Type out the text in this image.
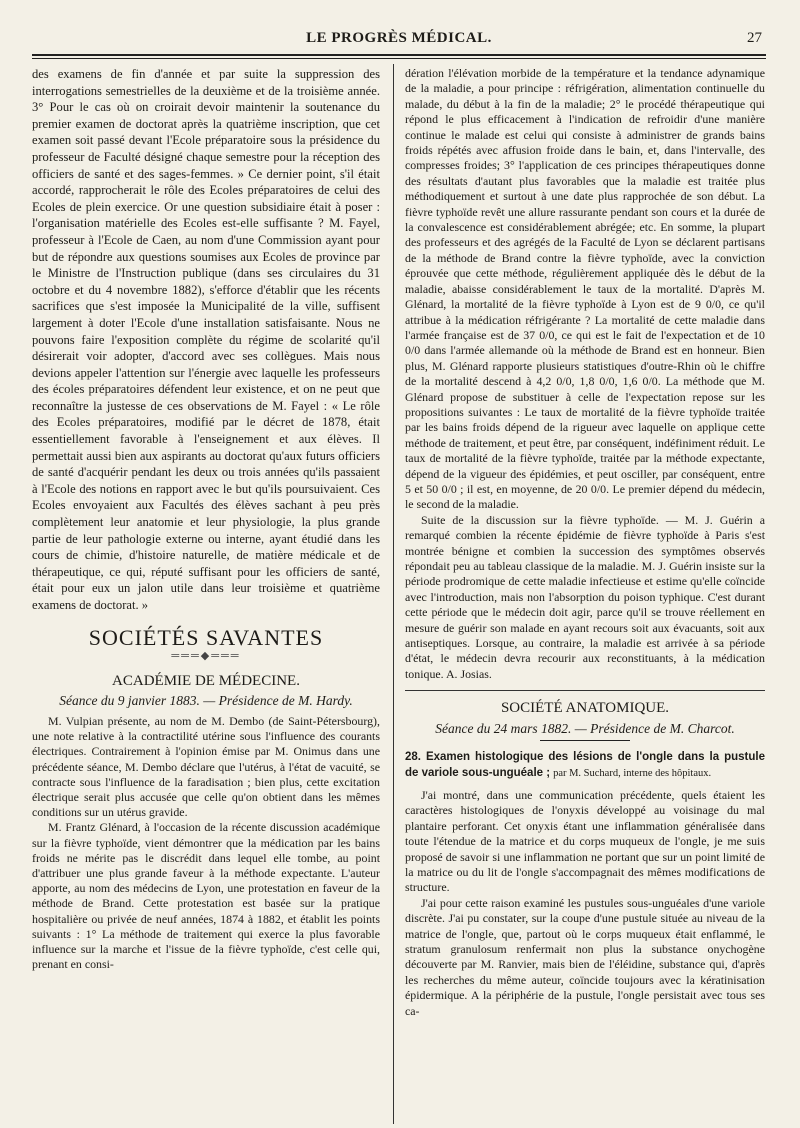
LE PROGRÈS MÉDICAL.	27

des examens de fin d'année et par suite la suppression des interrogations semestrielles de la deuxième et de la troisième année. 3° Pour le cas où on croirait devoir maintenir la soutenance du premier examen de doctorat après la quatrième inscription, que cet examen soit passé devant l'Ecole préparatoire sous la présidence du professeur de Faculté désigné chaque semestre pour la réception des officiers de santé et des sages-femmes. » Ce dernier point, s'il était accordé, rapprocherait le rôle des Ecoles préparatoires de celui des Ecoles de plein exercice. Or une question subsidiaire était à poser : l'organisation matérielle des Ecoles est-elle suffisante ? M. Fayel, professeur à l'Ecole de Caen, au nom d'une Commission ayant pour but de répondre aux questions soumises aux Ecoles de province par le Ministre de l'Instruction publique (dans ses circulaires du 31 octobre et du 4 novembre 1882), s'efforce d'établir que les récents sacrifices que s'est imposée la Municipalité de la ville, suffisent largement à doter l'Ecole d'une installation satisfaisante. Nous ne pouvons faire l'exposition complète du régime de scolarité qu'il désirerait voir adopter, d'accord avec ses collègues. Mais nous devions appeler l'attention sur l'énergie avec laquelle les professeurs des écoles préparatoires défendent leur existence, et on ne peut que reconnaître la justesse de ces observations de M. Fayel : « Le rôle des Ecoles préparatoires, modifié par le décret de 1878, était essentiellement favorable à l'enseignement et aux élèves. Il permettait aussi bien aux aspirants au doctorat qu'aux futurs officiers de santé d'acquérir pendant les deux ou trois années qu'ils passaient à l'Ecole des notions en rapport avec le but qu'ils poursuivaient. Ces Ecoles envoyaient aux Facultés des élèves sachant à peu près complètement leur anatomie et leur physiologie, la plus grande partie de leur pathologie externe ou interne, ayant étudié dans les cours de chimie, d'histoire naturelle, de matière médicale et de thérapeutique, ce qui, réputé suffisant pour les officiers de santé, était pour eux un jalon utile dans leur troisième et quatrième examens de doctorat. »

SOCIÉTÉS SAVANTES
═══◆═══
ACADÉMIE DE MÉDECINE.
Séance du 9 janvier 1883. — Présidence de M. Hardy.

M. Vulpian présente, au nom de M. Dembo (de Saint-Pétersbourg), une note relative à la contractilité utérine sous l'influence des courants électriques. Contrairement à l'opinion émise par M. Onimus dans une précédente séance, M. Dembo déclare que l'utérus, à l'état de vacuité, se contracte sous l'influence de la faradisation ; bien plus, cette excitation électrique serait plus accusée que celle qu'on obtient dans les mêmes conditions sur un utérus gravide.

M. Frantz Glénard, à l'occasion de la récente discussion académique sur la fièvre typhoïde, vient démontrer que la médication par les bains froids ne mérite pas le discrédit dans lequel elle tombe, au point d'attribuer une plus grande faveur à la méthode expectante. L'auteur apporte, au nom des médecins de Lyon, une protestation en faveur de la méthode de Brand. Cette protestation est basée sur la pratique hospitalière ou privée de neuf années, 1874 à 1882, et établit les points suivants : 1° La méthode de traitement qui exerce la plus favorable influence sur la marche et l'issue de la fièvre typhoïde, c'est celle qui, prenant en consi-

dération l'élévation morbide de la température et la tendance adynamique de la maladie, a pour principe : réfrigération, alimentation continuelle du malade, du début à la fin de la maladie; 2° le procédé thérapeutique qui répond le plus efficacement à l'indication de refroidir d'une manière continue le malade est celui qui consiste à administrer de grands bains froids répétés avec affusion froide dans le bain, et, dans l'intervalle, des compresses froides; 3° l'application de ces principes thérapeutiques donne des résultats d'autant plus favorables que la maladie est traitée plus méthodiquement et surtout à une date plus rapprochée de son début. La fièvre typhoïde revêt une allure rassurante pendant son cours et la durée de la convalescence est considérablement abrégée; etc. En somme, la plupart des professeurs et des agrégés de la Faculté de Lyon se déclarent partisans de la méthode de Brand contre la fièvre typhoïde, avec la conviction éprouvée que cette méthode, régulièrement appliquée dès le début de la maladie, abaisse considérablement le taux de la mortalité. D'après M. Glénard, la mortalité de la fièvre typhoïde à Lyon est de 9 0/0, ce qu'il attribue à la médication réfrigérante ? La mortalité de cette maladie dans l'armée française est de 37 0/0, ce qui est le fait de l'expectation et de 10 0/0 dans l'armée allemande où la méthode de Brand est en honneur. Bien plus, M. Glénard rapporte plusieurs statistiques d'outre-Rhin où le chiffre de la mortalité descend à 4,2 0/0, 1,8 0/0, 1,6 0/0. La méthode que M. Glénard propose de substituer à celle de l'expectation repose sur les propositions suivantes : Le taux de mortalité de la fièvre typhoïde traitée par les bains froids dépend de la rigueur avec laquelle on applique cette méthode de traitement, et peut être, par conséquent, indéfiniment réduit. Le taux de mortalité de la fièvre typhoïde, traitée par la méthode expectante, dépend de la vigueur des épidémies, et peut osciller, par conséquent, entre 5 et 50 0/0 ; il est, en moyenne, de 20 0/0. Le premier dépend du médecin, le second de la maladie.

Suite de la discussion sur la fièvre typhoïde. — M. J. Guérin a remarqué combien la récente épidémie de fièvre typhoïde à Paris s'est montrée bénigne et combien la succession des symptômes observés répondait peu au tableau classique de la maladie. M. J. Guérin insiste sur la période prodromique de cette maladie infectieuse et estime qu'elle coïncide avec l'introduction, mais non l'absorption du poison typhique. C'est durant cette période que le médecin doit agir, parce qu'il se trouve réellement en mesure de guérir son malade en ayant recours soit aux évacuants, soit aux antiseptiques. Lorsque, au contraire, la maladie est arrivée à sa période d'état, le médecin devra recourir aux reconstituants, à la médication tonique. A. Josias.

SOCIÉTÉ ANATOMIQUE.
Séance du 24 mars 1882. — Présidence de M. Charcot.

28. Examen histologique des lésions de l'ongle dans la pustule de variole sous-unguéale ; par M. Suchard, interne des hôpitaux.

J'ai montré, dans une communication précédente, quels étaient les caractères histologiques de l'onyxis développé au voisinage du mal plantaire perforant. Cet onyxis étant une inflammation généralisée dans toute l'étendue de la matrice et du corps muqueux de l'ongle, je me suis proposé de savoir si une inflammation ne portant que sur un point limité de la matrice ou du lit de l'ongle s'accompagnait des mêmes modifications de structure.

J'ai pour cette raison examiné les pustules sous-unguéales d'une variole discrète. J'ai pu constater, sur la coupe d'une pustule située au niveau de la matrice de l'ongle, que, partout où le corps muqueux était enflammé, le stratum granulosum renfermait non plus la substance onychogène découverte par M. Ranvier, mais bien de l'éléidine, substance qui, d'après les recherches du même auteur, coïncide toujours avec la kératinisation épidermique. A la périphérie de la pustule, l'ongle persistait avec tous ses ca-
